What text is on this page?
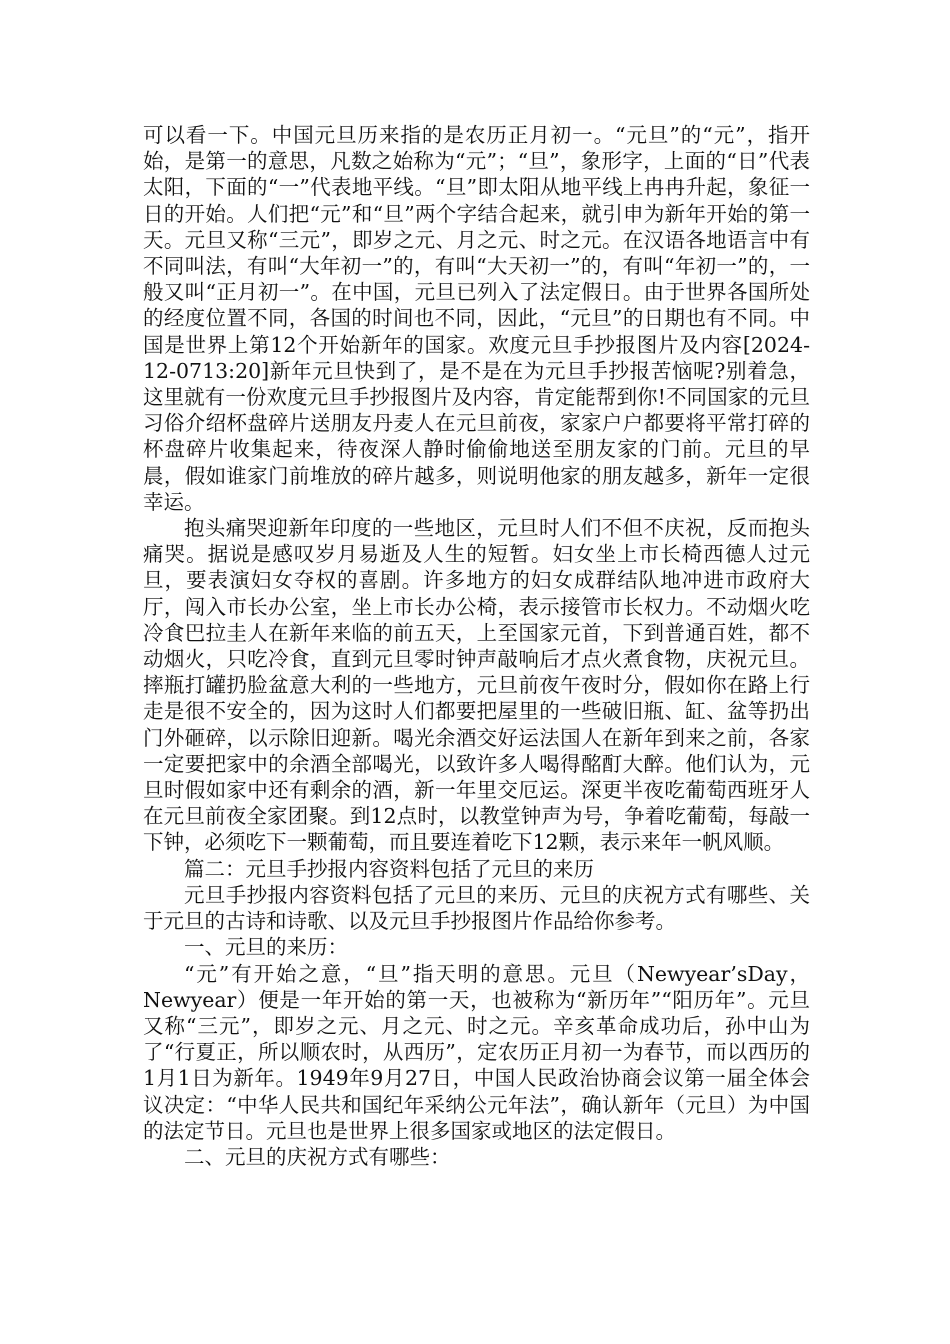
可以看一下。中国元旦历来指的是农历正月初一。“元旦”的“元”，指开始，是第一的意思，凡数之始称为“元”；“旦”，象形字，上面的“日”代表太阳，下面的“一”代表地平线。“旦”即太阳从地平线上冉冉升起，象征一日的开始。人们把“元”和“旦”两个字结合起来，就引申为新年开始的第一天。元旦又称“三元”，即岁之元、月之元、时之元。在汉语各地语言中有不同叫法，有叫“大年初一”的，有叫“大天初一”的，有叫“年初一”的，一般又叫“正月初一”。在中国，元旦已列入了法定假日。由于世界各国所处的经度位置不同，各国的时间也不同，因此，“元旦”的日期也有不同。中国是世界上第12个开始新年的国家。欢度元旦手抄报图片及内容[2024-12-0713:20]新年元旦快到了，是不是在为元旦手抄报苦恼呢?别着急，这里就有一份欢度元旦手抄报图片及内容，肯定能帮到你!不同国家的元旦习俗介绍杯盘碎片送朋友丹麦人在元旦前夜，家家户户都要将平常打碎的杯盘碎片收集起来，待夜深人静时偷偷地送至朋友家的门前。元旦的早晨，假如谁家门前堆放的碎片越多，则说明他家的朋友越多，新年一定很幸运。

抱头痛哭迎新年印度的一些地区，元旦时人们不但不庆祝，反而抱头痛哭。据说是感叹岁月易逝及人生的短暂。妇女坐上市长椅西德人过元旦，要表演妇女夺权的喜剧。许多地方的妇女成群结队地冲进市政府大厅，闯入市长办公室，坐上市长办公椅，表示接管市长权力。不动烟火吃冷食巴拉圭人在新年来临的前五天，上至国家元首，下到普通百姓，都不动烟火，只吃冷食，直到元旦零时钟声敲响后才点火煮食物，庆祝元旦。摔瓶打罐扔脸盆意大利的一些地方，元旦前夜午夜时分，假如你在路上行走是很不安全的，因为这时人们都要把屋里的一些破旧瓶、缸、盆等扔出门外砸碎，以示除旧迎新。喝光余酒交好运法国人在新年到来之前，各家一定要把家中的余酒全部喝光，以致许多人喝得酩酊大醉。他们认为，元旦时假如家中还有剩余的酒，新一年里交厄运。深更半夜吃葡萄西班牙人在元旦前夜全家团聚。到12点时，以教堂钟声为号，争着吃葡萄，每敲一下钟，必须吃下一颗葡萄，而且要连着吃下12颗，表示来年一帆风顺。

篇二：元旦手抄报内容资料包括了元旦的来历

元旦手抄报内容资料包括了元旦的来历、元旦的庆祝方式有哪些、关于元旦的古诗和诗歌、以及元旦手抄报图片作品给你参考。

一、元旦的来历：

“元”有开始之意，“旦”指天明的意思。元旦（Newyear’sDay，Newyear）便是一年开始的第一天，也被称为“新历年”“阳历年”。元旦又称“三元”，即岁之元、月之元、时之元。辛亥革命成功后，孙中山为了“行夏正，所以顺农时，从西历”，定农历正月初一为春节，而以西历的1月1日为新年。1949年9月27日，中国人民政治协商会议第一届全体会议决定：“中华人民共和国纪年采纳公元年法”，确认新年（元旦）为中国的法定节日。元旦也是世界上很多国家或地区的法定假日。

二、元旦的庆祝方式有哪些：
